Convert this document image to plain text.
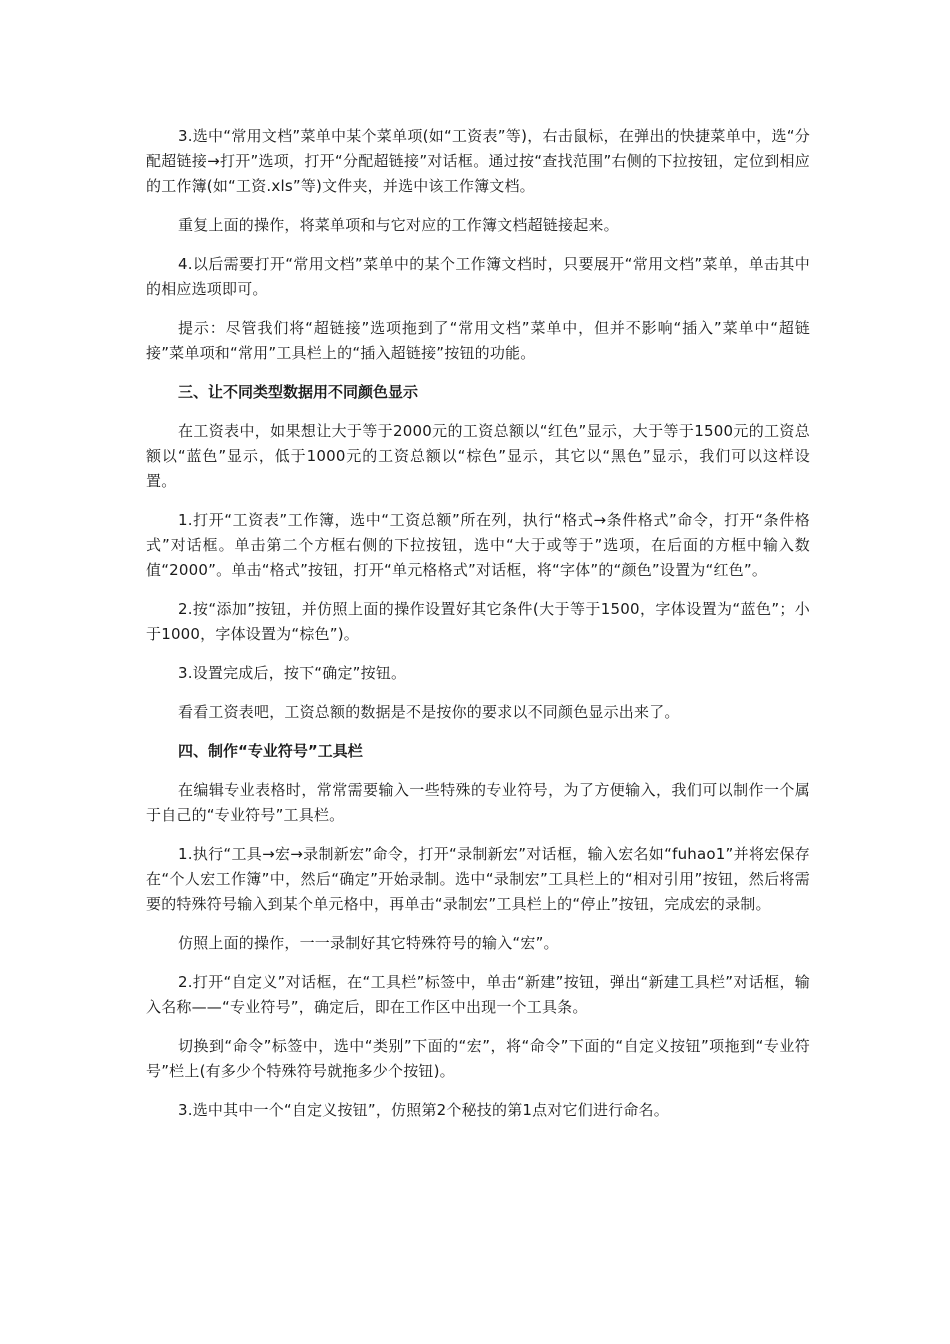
3.选中“常用文档”菜单中某个菜单项(如“工资表”等)，右击鼠标，在弹出的快捷菜单中，选“分配超链接→打开”选项，打开“分配超链接”对话框。通过按“查找范围”右侧的下拉按钮，定位到相应的工作簿(如“工资.xls”等)文件夹，并选中该工作簿文档。

重复上面的操作，将菜单项和与它对应的工作簿文档超链接起来。

4.以后需要打开“常用文档”菜单中的某个工作簿文档时，只要展开“常用文档”菜单，单击其中的相应选项即可。

提示：尽管我们将“超链接”选项拖到了“常用文档”菜单中，但并不影响“插入”菜单中“超链接”菜单项和“常用”工具栏上的“插入超链接”按钮的功能。

三、让不同类型数据用不同颜色显示

在工资表中，如果想让大于等于2000元的工资总额以“红色”显示，大于等于1500元的工资总额以“蓝色”显示，低于1000元的工资总额以“棕色”显示，其它以“黑色”显示，我们可以这样设置。

1.打开“工资表”工作簿，选中“工资总额”所在列，执行“格式→条件格式”命令，打开“条件格式”对话框。单击第二个方框右侧的下拉按钮，选中“大于或等于”选项，在后面的方框中输入数值“2000”。单击“格式”按钮，打开“单元格格式”对话框，将“字体”的“颜色”设置为“红色”。

2.按“添加”按钮，并仿照上面的操作设置好其它条件(大于等于1500，字体设置为“蓝色”；小于1000，字体设置为“棕色”)。

3.设置完成后，按下“确定”按钮。

看看工资表吧，工资总额的数据是不是按你的要求以不同颜色显示出来了。

四、制作“专业符号”工具栏

在编辑专业表格时，常常需要输入一些特殊的专业符号，为了方便输入，我们可以制作一个属于自己的“专业符号”工具栏。

1.执行“工具→宏→录制新宏”命令，打开“录制新宏”对话框，输入宏名如“fuhao1”并将宏保存在“个人宏工作簿”中，然后“确定”开始录制。选中“录制宏”工具栏上的“相对引用”按钮，然后将需要的特殊符号输入到某个单元格中，再单击“录制宏”工具栏上的“停止”按钮，完成宏的录制。

仿照上面的操作，一一录制好其它特殊符号的输入“宏”。

2.打开“自定义”对话框，在“工具栏”标签中，单击“新建”按钮，弹出“新建工具栏”对话框，输入名称——“专业符号”，确定后，即在工作区中出现一个工具条。

切换到“命令”标签中，选中“类别”下面的“宏”，将“命令”下面的“自定义按钮”项拖到“专业符号”栏上(有多少个特殊符号就拖多少个按钮)。

3.选中其中一个“自定义按钮”，仿照第2个秘技的第1点对它们进行命名。
